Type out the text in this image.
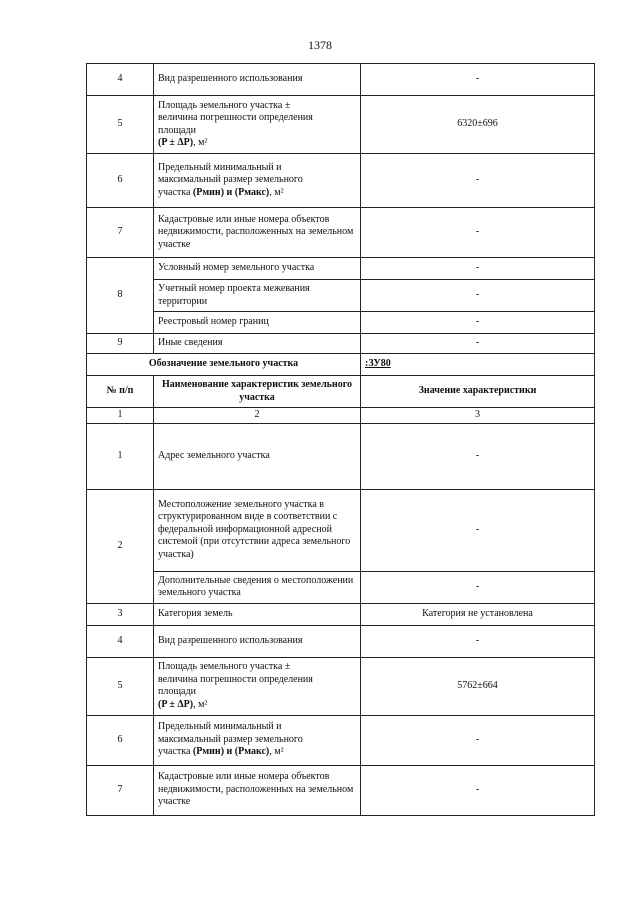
1378
4	Вид разрешенного использования	-
5	Площадь земельного участка ±
величина погрешности определения
площади
(P ± ΔP), м²	6320±696
6	Предельный минимальный и
максимальный размер земельного
участка (Рмин) и (Рмакс), м²	-
7	Кадастровые или иные номера объектов недвижимости, расположенных на земельном участке	-
8	Условный номер земельного участка	-
	Учетный номер проекта межевания территории	-
	Реестровый номер границ	-
9	Иные сведения	-
Обозначение земельного участка		:ЗУ80
№ п/п	Наименование характеристик земельного участка	Значение характеристики
1	2	3
1	Адрес земельного участка	-
2	Местоположение земельного участка в структурированном виде в соответствии с федеральной информационной адресной системой (при отсутствии адреса земельного участка)	-
	Дополнительные сведения о местоположении земельного участка	-
3	Категория земель	Категория не установлена
4	Вид разрешенного использования	-
5	Площадь земельного участка ±
величина погрешности определения
площади
(P ± ΔP), м²	5762±664
6	Предельный минимальный и
максимальный размер земельного
участка (Рмин) и (Рмакс), м²	-
7	Кадастровые или иные номера объектов недвижимости, расположенных на земельном участке	-
